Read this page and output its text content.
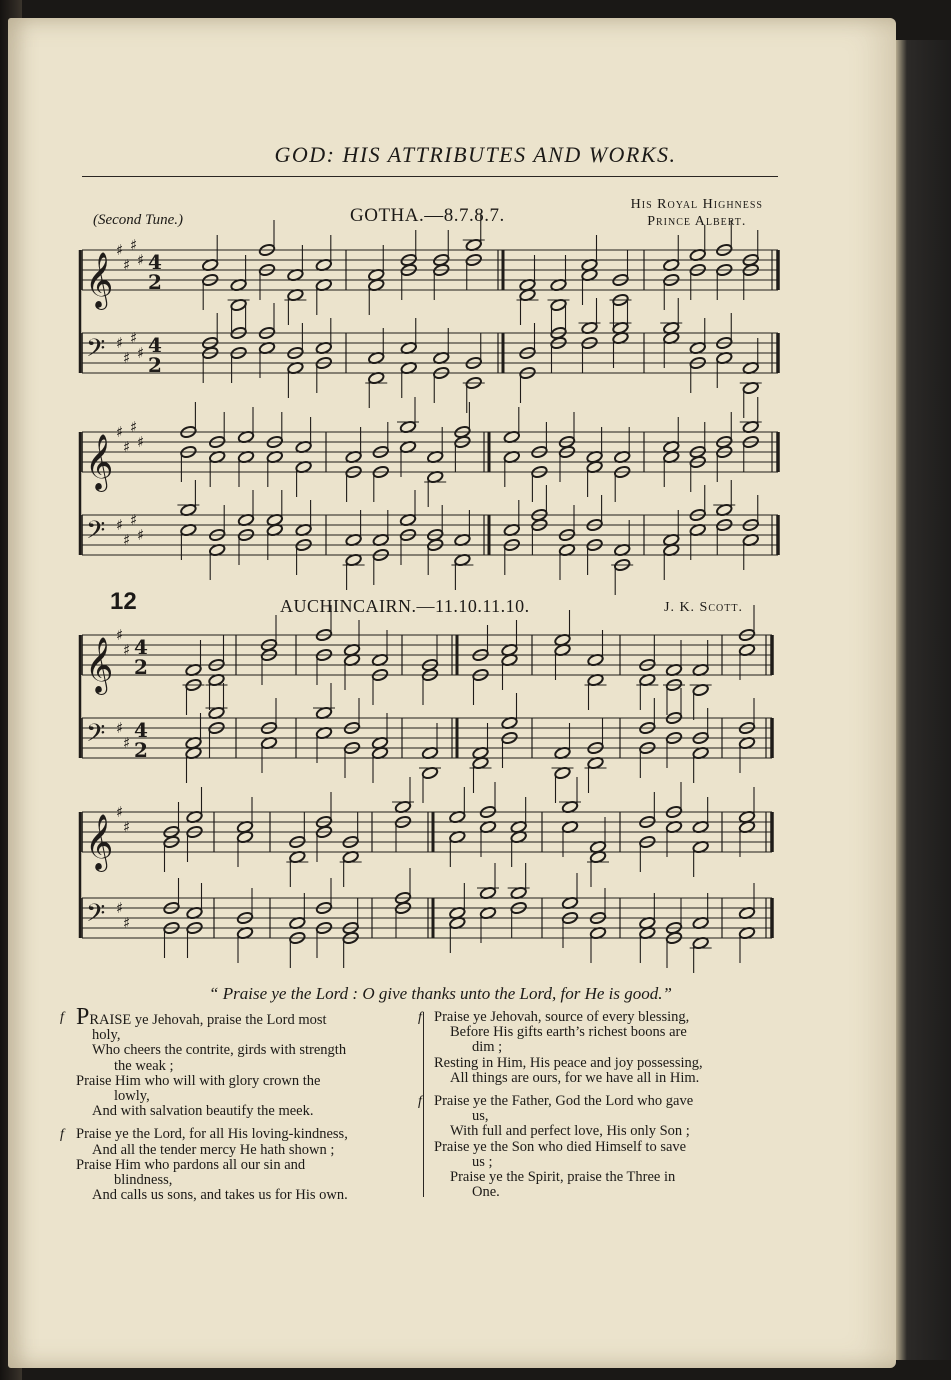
GOD: HIS ATTRIBUTES AND WORKS.
(Second Tune.)	GOTHA.—8.7.8.7.
His Royal Highness
Prince Albert.
12	AUCHINCAIRN.—11.10.11.10.	J. K. Scott.
𝄞
♯
♯
♯
♯ 4
2
𝄢 ♯
♯
♯
♯ 4
2
𝄞
♯
♯
♯
♯
𝄢 ♯
♯
♯
♯
𝄞
♯
♯ 4
2
𝄢 ♯
♯
4
2
𝄞
♯
♯
𝄢 ♯
♯
“ Praise ye the Lord : O give thanks unto the Lord, for He is good.”
f PRAISE ye Jehovah, praise the Lord most
holy,
Who cheers the contrite, girds with strength
the weak ;
Praise Him who will with glory crown the
lowly,
And with salvation beautify the meek.
f Praise ye the Lord, for all His loving-kindness,
And all the tender mercy He hath shown ;
Praise Him who pardons all our sin and
blindness,
And calls us sons, and takes us for His own.
f Praise ye Jehovah, source of every blessing,
Before His gifts earth’s richest boons are
dim ;
Resting in Him, His peace and joy possessing,
All things are ours, for we have all in Him.
f Praise ye the Father, God the Lord who gave
us,
With full and perfect love, His only Son ;
Praise ye the Son who died Himself to save
us ;
Praise ye the Spirit, praise the Three in
One.
